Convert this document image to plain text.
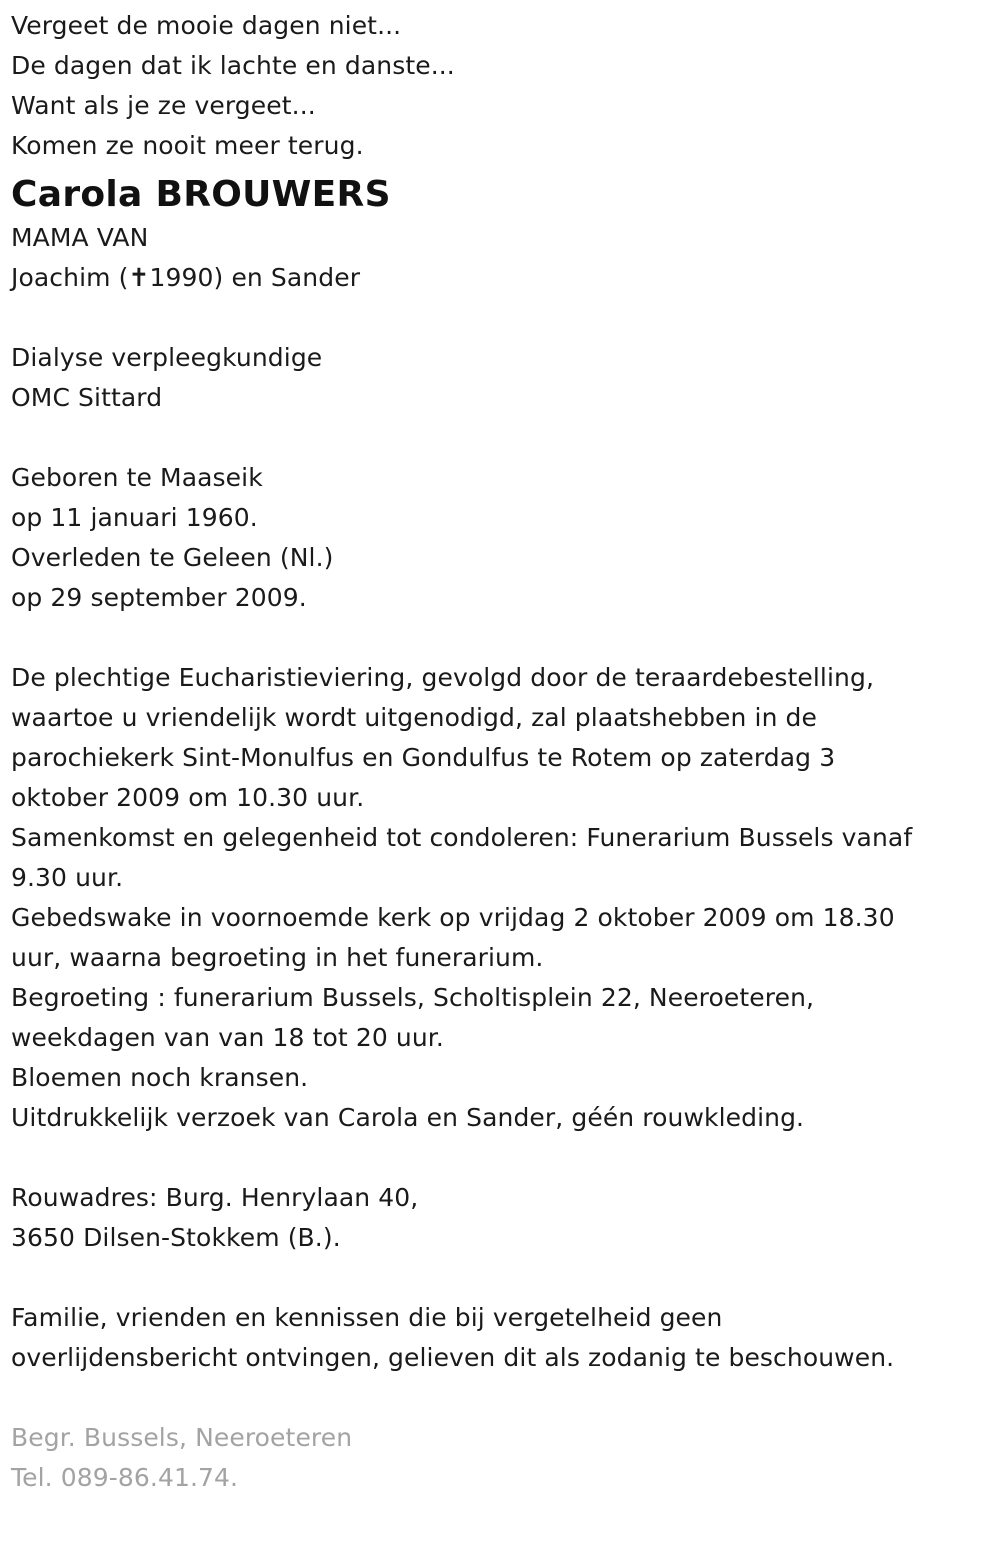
Vergeet de mooie dagen niet...
De dagen dat ik lachte en danste...
Want als je ze vergeet...
Komen ze nooit meer terug.
Carola BROUWERS
MAMA VAN
Joachim (✝1990) en Sander
Dialyse verpleegkundige
OMC Sittard
Geboren te Maaseik
op 11 januari 1960.
Overleden te Geleen (Nl.)
op 29 september 2009.
De plechtige Eucharistieviering, gevolgd door de teraardebestelling,
waartoe u vriendelijk wordt uitgenodigd, zal plaatshebben in de
parochiekerk Sint-Monulfus en Gondulfus te Rotem op zaterdag 3
oktober 2009 om 10.30 uur.
Samenkomst en gelegenheid tot condoleren: Funerarium Bussels vanaf
9.30 uur.
Gebedswake in voornoemde kerk op vrijdag 2 oktober 2009 om 18.30
uur, waarna begroeting in het funerarium.
Begroeting : funerarium Bussels, Scholtisplein 22, Neeroeteren,
weekdagen van van 18 tot 20 uur.
Bloemen noch kransen.
Uitdrukkelijk verzoek van Carola en Sander, géén rouwkleding.
Rouwadres: Burg. Henrylaan 40,
3650 Dilsen-Stokkem (B.).
Familie, vrienden en kennissen die bij vergetelheid geen
overlijdensbericht ontvingen, gelieven dit als zodanig te beschouwen.
Begr. Bussels, Neeroeteren
Tel. 089-86.41.74.
